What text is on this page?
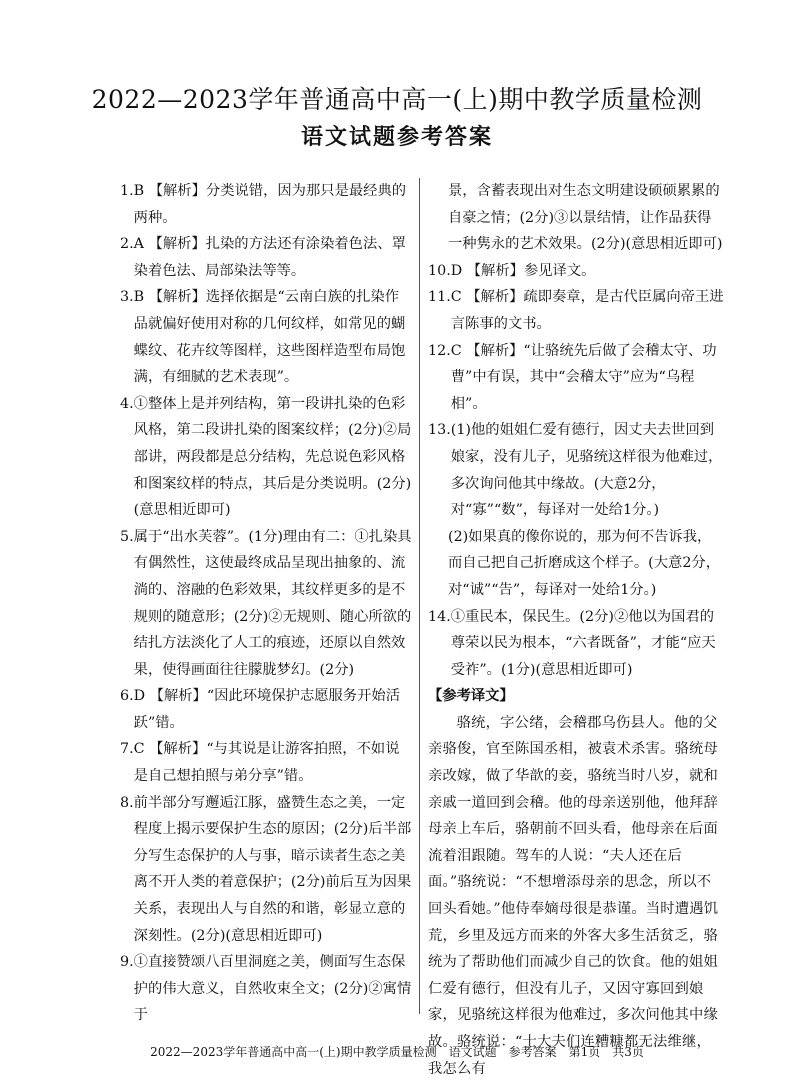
2022—2023学年普通高中高一(上)期中教学质量检测
语文试题参考答案
1. B 【解析】分类说错，因为那只是最经典的两种。
2. A 【解析】扎染的方法还有涂染着色法、罩染着色法、局部染法等等。
3. B 【解析】选择依据是“云南白族的扎染作品就偏好使用对称的几何纹样，如常见的蝴蝶纹、花卉纹等图样，这些图样造型布局饱满，有细腻的艺术表现”。
4. ①整体上是并列结构，第一段讲扎染的色彩风格，第二段讲扎染的图案纹样；(2分)②局部讲，两段都是总分结构，先总说色彩风格和图案纹样的特点，其后是分类说明。(2分)(意思相近即可)
5. 属于“出水芙蓉”。(1分)理由有二：①扎染具有偶然性，这使最终成品呈现出抽象的、流淌的、溶融的色彩效果，其纹样更多的是不规则的随意形；(2分)②无规则、随心所欲的结扎方法淡化了人工的痕迹，还原以自然效果，使得画面往往朦胧梦幻。(2分)
6. D 【解析】“因此环境保护志愿服务开始活跃”错。
7. C 【解析】“与其说是让游客拍照，不如说是自己想拍照与弟分享”错。
8. 前半部分写邂逅江豚，盛赞生态之美，一定程度上揭示要保护生态的原因；(2分)后半部分写生态保护的人与事，暗示读者生态之美离不开人类的着意保护；(2分)前后互为因果关系，表现出人与自然的和谐，彰显立意的深刻性。(2分)(意思相近即可)
9. ①直接赞颂八百里洞庭之美，侧面写生态保护的伟大意义，自然收束全文；(2分)②寓情于
景，含蓄表现出对生态文明建设硕硕累累的自豪之情；(2分)③以景结情，让作品获得一种隽永的艺术效果。(2分)(意思相近即可)
10. D 【解析】参见译文。
11. C 【解析】疏即奏章，是古代臣属向帝王进言陈事的文书。
12. C 【解析】“让骆统先后做了会稽太守、功曹”中有误，其中“会稽太守”应为“乌程相”。
13. (1)他的姐姐仁爱有德行，因丈夫去世回到娘家，没有儿子，见骆统这样很为他难过，多次询问他其中缘故。(大意2分，对“寡”“数”，每译对一处给1分。)
(2)如果真的像你说的，那为何不告诉我，而自己把自己折磨成这个样子。(大意2分，对“诚”“告”，每译对一处给1分。)
14. ①重民本，保民生。(2分)②他以为国君的尊荣以民为根本，“六者既备”，才能“应天受祚”。(1分)(意思相近即可)
【参考译文】
骆统，字公绪，会稽郡乌伤县人。他的父亲骆俊，官至陈国丞相，被袁术杀害。骆统母亲改嫁，做了华歆的妾，骆统当时八岁，就和亲戚一道回到会稽。他的母亲送别他，他拜辞母亲上车后，骆朝前不回头看，他母亲在后面流着泪跟随。驾车的人说：“夫人还在后面。”骆统说：“不想增添母亲的思念，所以不回头看她。”他侍奉嫡母很是恭谨。当时遭遇饥荒，乡里及远方而来的外客大多生活贫乏，骆统为了帮助他们而减少自己的饮食。他的姐姐仁爱有德行，但没有儿子，又因守寡回到娘家，见骆统这样很为他难过，多次问他其中缘故。骆统说：“士大夫们连糟糠都无法维继，我怎么有
2022—2023学年普通高中高一(上)期中教学质量检测　语文试题　参考答案　第1页　共3页
